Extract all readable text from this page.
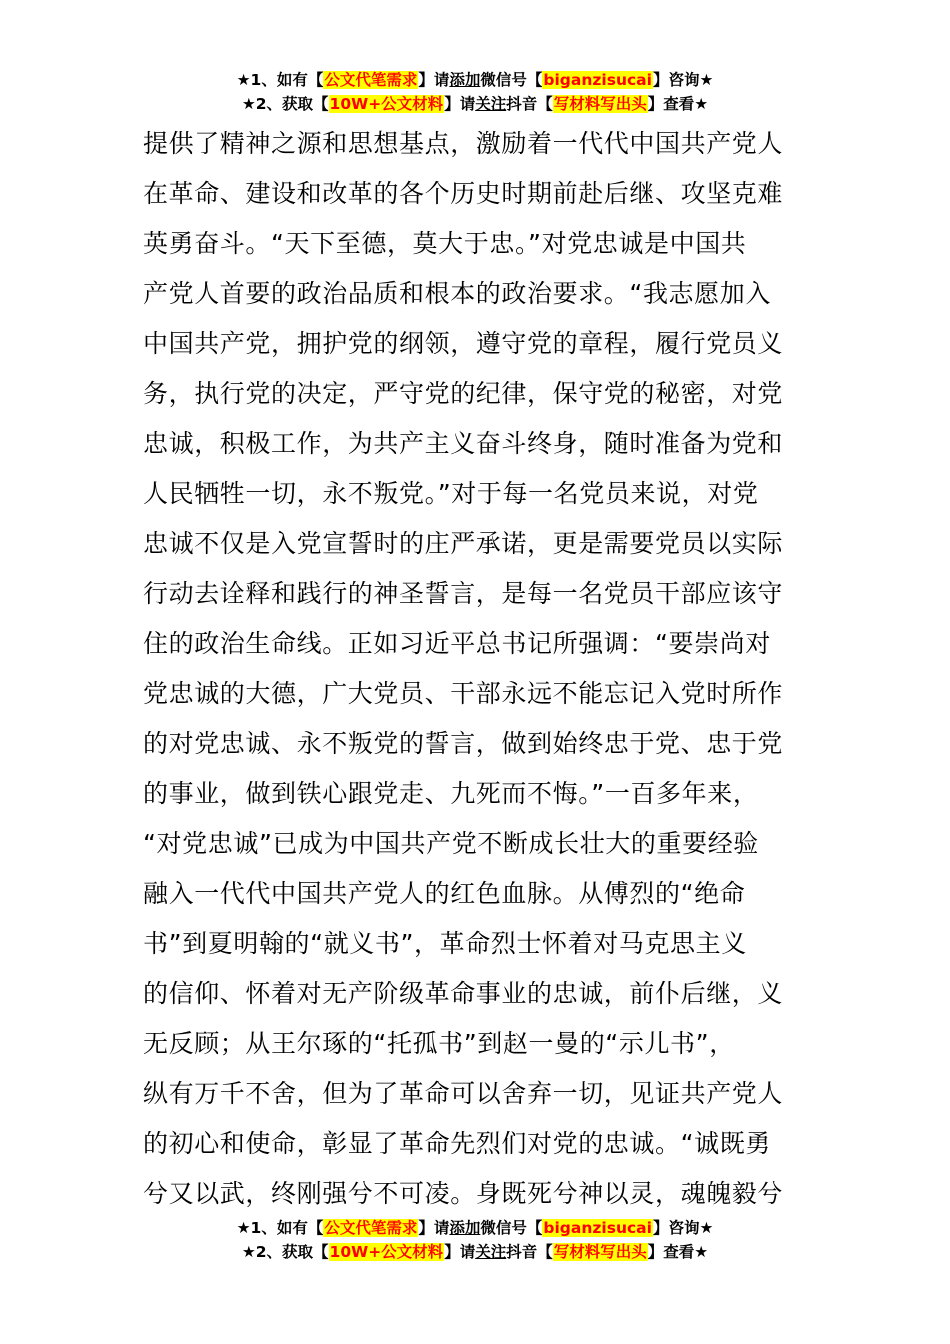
★1、如有【公文代笔需求】请添加微信号【biganzisucai】咨询★
★2、获取【10W+公文材料】请关注抖音【写材料写出头】查看★
提供了精神之源和思想基点，激励着一代代中国共产党人
在革命、建设和改革的各个历史时期前赴后继、攻坚克难
英勇奋斗。“天下至德，莫大于忠。”对党忠诚是中国共
产党人首要的政治品质和根本的政治要求。“我志愿加入
中国共产党，拥护党的纲领，遵守党的章程，履行党员义
务，执行党的决定，严守党的纪律，保守党的秘密，对党
忠诚，积极工作，为共产主义奋斗终身，随时准备为党和
人民牺牲一切，永不叛党。”对于每一名党员来说，对党
忠诚不仅是入党宣誓时的庄严承诺，更是需要党员以实际
行动去诠释和践行的神圣誓言，是每一名党员干部应该守
住的政治生命线。正如习近平总书记所强调：“要崇尚对
党忠诚的大德，广大党员、干部永远不能忘记入党时所作
的对党忠诚、永不叛党的誓言，做到始终忠于党、忠于党
的事业，做到铁心跟党走、九死而不悔。”一百多年来，
“对党忠诚”已成为中国共产党不断成长壮大的重要经验
融入一代代中国共产党人的红色血脉。从傅烈的“绝命
书”到夏明翰的“就义书”，革命烈士怀着对马克思主义
的信仰、怀着对无产阶级革命事业的忠诚，前仆后继，义
无反顾；从王尔琢的“托孤书”到赵一曼的“示儿书”，
纵有万千不舍，但为了革命可以舍弃一切，见证共产党人
的初心和使命，彰显了革命先烈们对党的忠诚。“诚既勇
兮又以武，终刚强兮不可凌。身既死兮神以灵，魂魄毅兮
★1、如有【公文代笔需求】请添加微信号【biganzisucai】咨询★
★2、获取【10W+公文材料】请关注抖音【写材料写出头】查看★
